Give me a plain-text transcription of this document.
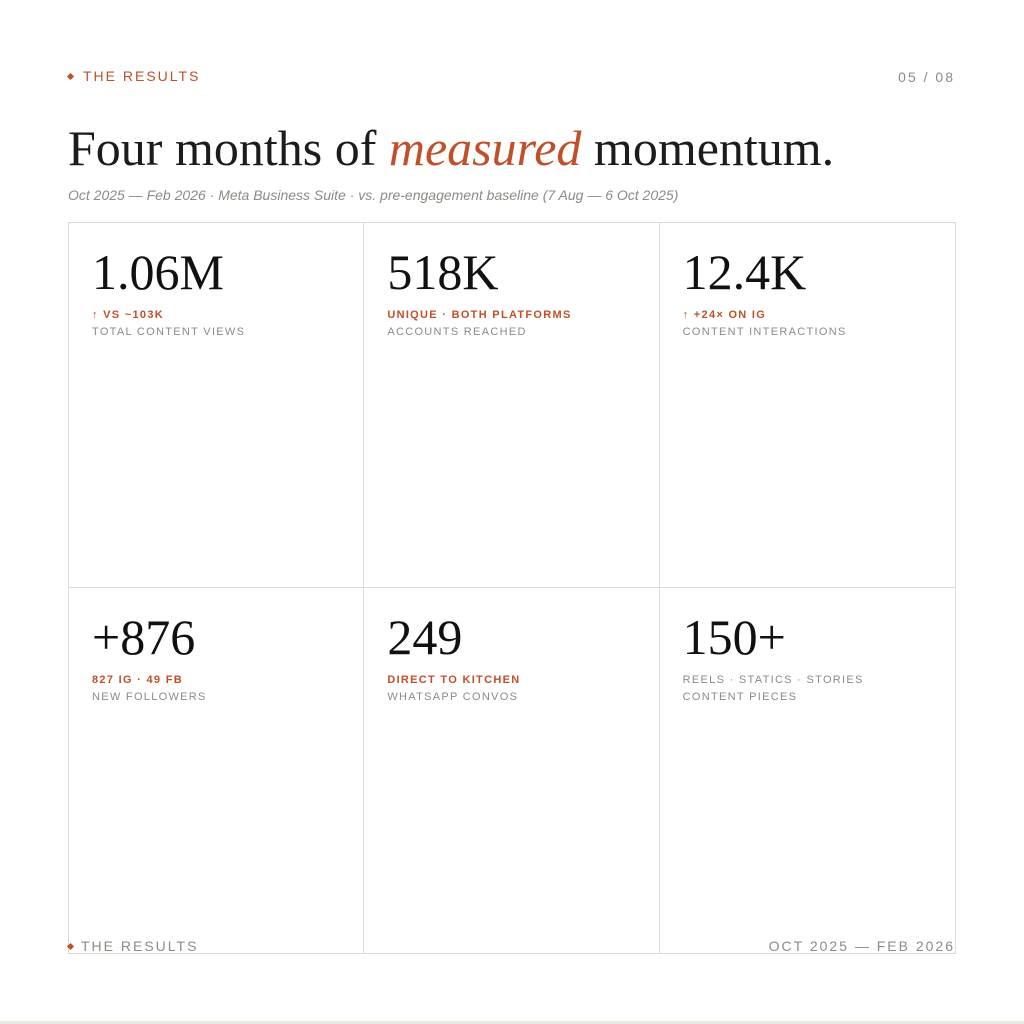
THE RESULTS	05 / 08
Four months of measured momentum.
Oct 2025 — Feb 2026 · Meta Business Suite · vs. pre-engagement baseline (7 Aug — 6 Oct 2025)
1.06M
↑ VS ~103K
TOTAL CONTENT VIEWS
518K
UNIQUE · BOTH PLATFORMS
ACCOUNTS REACHED
12.4K
↑ +24× ON IG
CONTENT INTERACTIONS
+876
827 IG · 49 FB
NEW FOLLOWERS
249
DIRECT TO KITCHEN
WHATSAPP CONVOS
150+
REELS · STATICS · STORIES
CONTENT PIECES
THE RESULTS	OCT 2025 — FEB 2026
